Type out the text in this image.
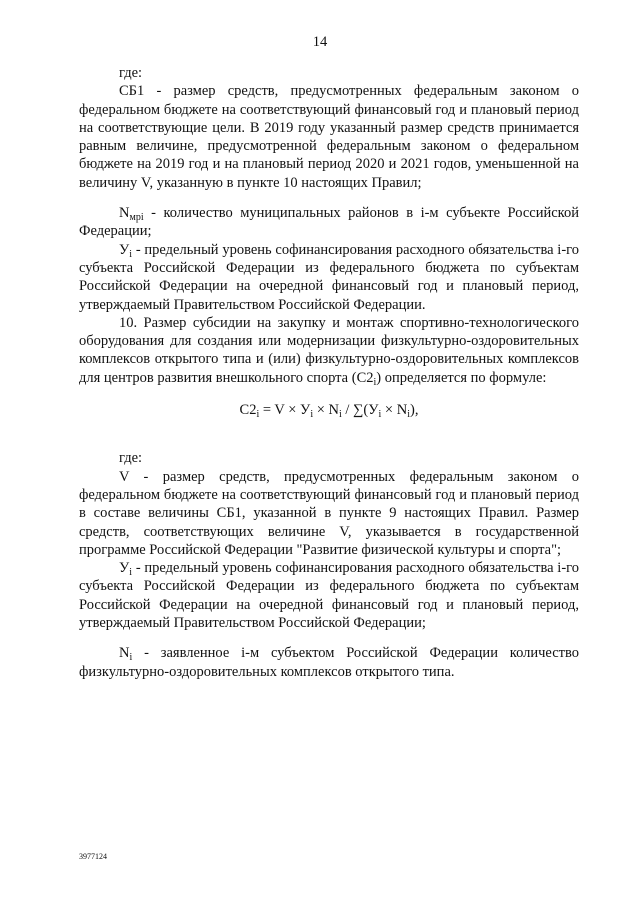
14

где:

СБ1 - размер средств, предусмотренных федеральным законом о федеральном бюджете на соответствующий финансовый год и плановый период на соответствующие цели. В 2019 году указанный размер средств принимается равным величине, предусмотренной федеральным законом о федеральном бюджете на 2019 год и на плановый период 2020 и 2021 годов, уменьшенной на величину V, указанную в пункте 10 настоящих Правил;

$N_{мрi}$ - количество муниципальных районов в i-м субъекте Российской Федерации;

$У_i$ - предельный уровень софинансирования расходного обязательства i-го субъекта Российской Федерации из федерального бюджета по субъектам Российской Федерации на очередной финансовый год и плановый период, утверждаемый Правительством Российской Федерации.

10. Размер субсидии на закупку и монтаж спортивно-технологического оборудования для создания или модернизации физкультурно-оздоровительных комплексов открытого типа и (или) физкультурно-оздоровительных комплексов для центров развития внешкольного спорта $(С2_i)$ определяется по формуле:

$С2_i = V \times У_i \times N_i / \sum(У_i \times N_i)$,

где:

V - размер средств, предусмотренных федеральным законом о федеральном бюджете на соответствующий финансовый год и плановый период в составе величины СБ1, указанной в пункте 9 настоящих Правил. Размер средств, соответствующих величине V, указывается в государственной программе Российской Федерации "Развитие физической культуры и спорта";

$У_i$ - предельный уровень софинансирования расходного обязательства i-го субъекта Российской Федерации из федерального бюджета по субъектам Российской Федерации на очередной финансовый год и плановый период, утверждаемый Правительством Российской Федерации;

$N_i$ - заявленное i-м субъектом Российской Федерации количество физкультурно-оздоровительных комплексов открытого типа.

3977124
